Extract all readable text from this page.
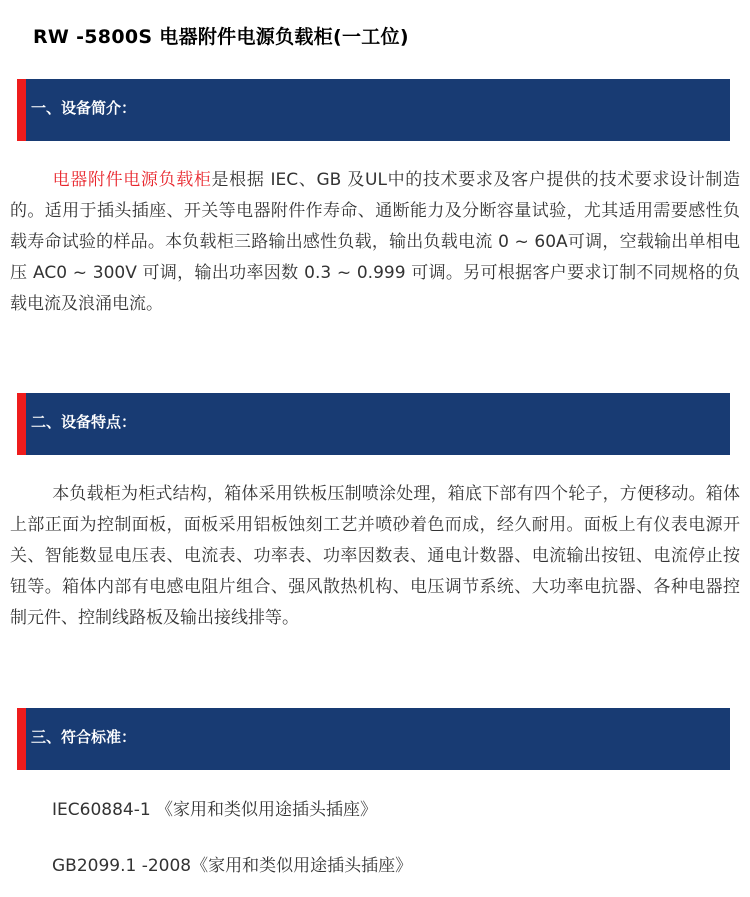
RW -5800S 电器附件电源负载柜(一工位)
一、设备简介：

电器附件电源负载柜是根据 IEC、GB 及UL中的技术要求及客户提供的技术要求设计制造的。适用于插头插座、开关等电器附件作寿命、通断能力及分断容量试验，尤其适用需要感性负载寿命试验的样品。本负载柜三路输出感性负载，输出负载电流 0 ~ 60A可调，空载输出单相电压 AC0 ~ 300V 可调，输出功率因数 0.3 ~ 0.999 可调。另可根据客户要求订制不同规格的负载电流及浪涌电流。

二、设备特点：

本负载柜为柜式结构，箱体采用铁板压制喷涂处理，箱底下部有四个轮子，方便移动。箱体上部正面为控制面板，面板采用铝板蚀刻工艺并喷砂着色而成，经久耐用。面板上有仪表电源开关、智能数显电压表、电流表、功率表、功率因数表、通电计数器、电流输出按钮、电流停止按钮等。箱体内部有电感电阻片组合、强风散热机构、电压调节系统、大功率电抗器、各种电器控制元件、控制线路板及输出接线排等。

三、符合标准：
IEC60884-1 《家用和类似用途插头插座》
GB2099.1 -2008《家用和类似用途插头插座》
